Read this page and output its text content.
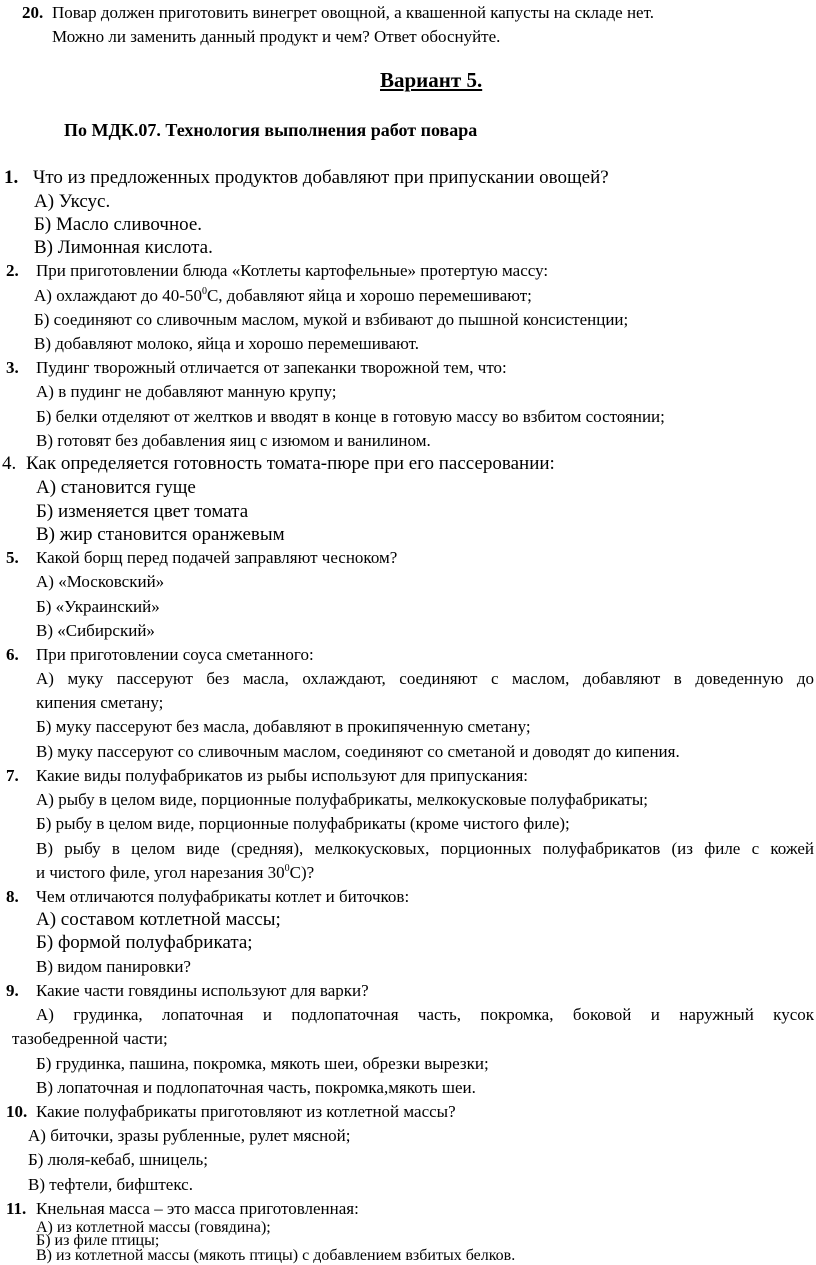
20. Повар должен приготовить винегрет овощной, а квашенной капусты на складе нет.
Можно ли заменить данный продукт и чем? Ответ обоснуйте.
Вариант 5.
По МДК.07. Технология выполнения работ повара
1. Что из предложенных продуктов добавляют при припускании овощей?
А) Уксус.
Б) Масло сливочное.
В) Лимонная кислота.
2. При приготовлении блюда «Котлеты картофельные» протертую массу:
А) охлаждают до $40-50^0С$, добавляют яйца и хорошо перемешивают;
Б) соединяют со сливочным маслом, мукой и взбивают до пышной консистенции;
В) добавляют молоко, яйца и хорошо перемешивают.
3. Пудинг творожный отличается от запеканки творожной тем, что:
А) в пудинг не добавляют манную крупу;
Б) белки отделяют от желтков и вводят в конце в готовую массу во взбитом состоянии;
В) готовят без добавления яиц с изюмом и ванилином.
4. Как определяется готовность томата-пюре при его пассеровании:
А) становится гуще
Б) изменяется цвет томата
В) жир становится оранжевым
5. Какой борщ перед подачей заправляют чесноком?
А) «Московский»
Б) «Украинский»
В) «Сибирский»
6. При приготовлении соуса сметанного:
А) муку пассеруют без масла, охлаждают, соединяют с маслом, добавляют в доведенную до
кипения сметану;
Б) муку пассеруют без масла, добавляют в прокипяченную сметану;
В) муку пассеруют со сливочным маслом, соединяют со сметаной и доводят до кипения.
7. Какие виды полуфабрикатов из рыбы используют для припускания:
А) рыбу в целом виде, порционные полуфабрикаты, мелкокусковые полуфабрикаты;
Б) рыбу в целом виде, порционные полуфабрикаты (кроме чистого филе);
В) рыбу в целом виде (средняя), мелкокусковых, порционных полуфабрикатов (из филе с кожей
и чистого филе, угол нарезания $30^0С$)?
8. Чем отличаются полуфабрикаты котлет и биточков:
А) составом котлетной массы;
Б) формой полуфабриката;
В) видом панировки?
9. Какие части говядины используют для варки?
А) грудинка, лопаточная и подлопаточная часть, покромка, боковой и наружный кусок
тазобедренной части;
Б) грудинка, пашина, покромка, мякоть шеи, обрезки вырезки;
В) лопаточная и подлопаточная часть, покромка,мякоть шеи.
10. Какие полуфабрикаты приготовляют из котлетной массы?
А) биточки, зразы рубленные, рулет мясной;
Б) люля-кебаб, шницель;
В) тефтели, бифштекс.
11. Кнельная масса – это масса приготовленная:
А) из котлетной массы (говядина);
Б) из филе птицы;
В) из котлетной массы (мякоть птицы) с добавлением взбитых белков.
